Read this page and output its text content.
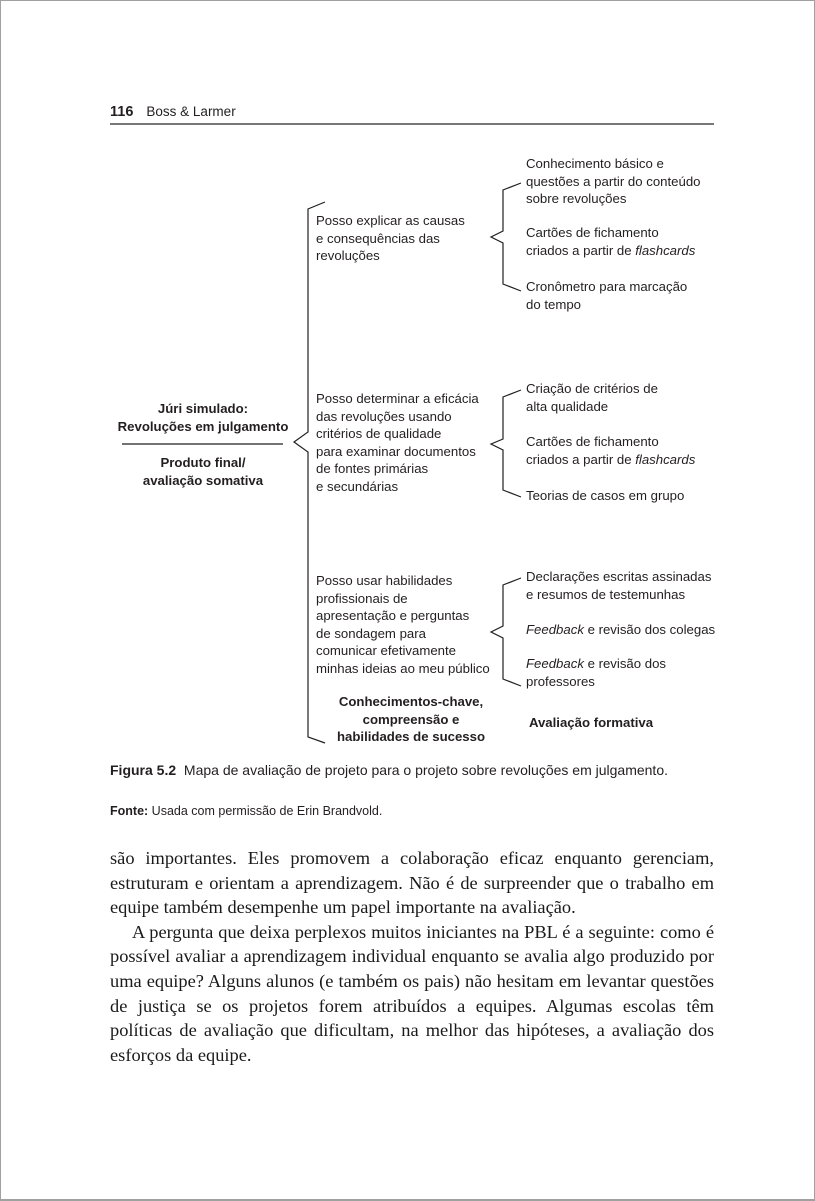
116 Boss & Larmer
Júri simulado:
Revoluções em julgamento
Produto final/
avaliação somativa
Posso explicar as causas
e consequências das
revoluções
Conhecimento básico e
questões a partir do conteúdo
sobre revoluções
Cartões de fichamento
criados a partir de flashcards
Cronômetro para marcação
do tempo
Posso determinar a eficácia
das revoluções usando
critérios de qualidade
para examinar documentos
de fontes primárias
e secundárias
Criação de critérios de
alta qualidade
Cartões de fichamento
criados a partir de flashcards
Teorias de casos em grupo
Posso usar habilidades
profissionais de
apresentação e perguntas
de sondagem para
comunicar efetivamente
minhas ideias ao meu público
Declarações escritas assinadas
e resumos de testemunhas
Feedback e revisão dos colegas
Feedback e revisão dos
professores
Conhecimentos-chave,
compreensão e
habilidades de sucesso
Avaliação formativa
Figura 5.2 Mapa de avaliação de projeto para o projeto sobre revoluções em julgamento.
Fonte: Usada com permissão de Erin Brandvold.

são importantes. Eles promovem a colaboração eficaz enquanto gerenciam, estruturam e orientam a aprendizagem. Não é de surpreender que o trabalho em equipe também desempenhe um papel importante na avaliação.

A pergunta que deixa perplexos muitos iniciantes na PBL é a seguinte: como é possível avaliar a aprendizagem individual enquanto se avalia algo produzido por uma equipe? Alguns alunos (e também os pais) não hesitam em levantar questões de justiça se os projetos forem atribuídos a equipes. Algumas escolas têm políticas de avaliação que dificultam, na melhor das hipóteses, a avaliação dos esforços da equipe.
